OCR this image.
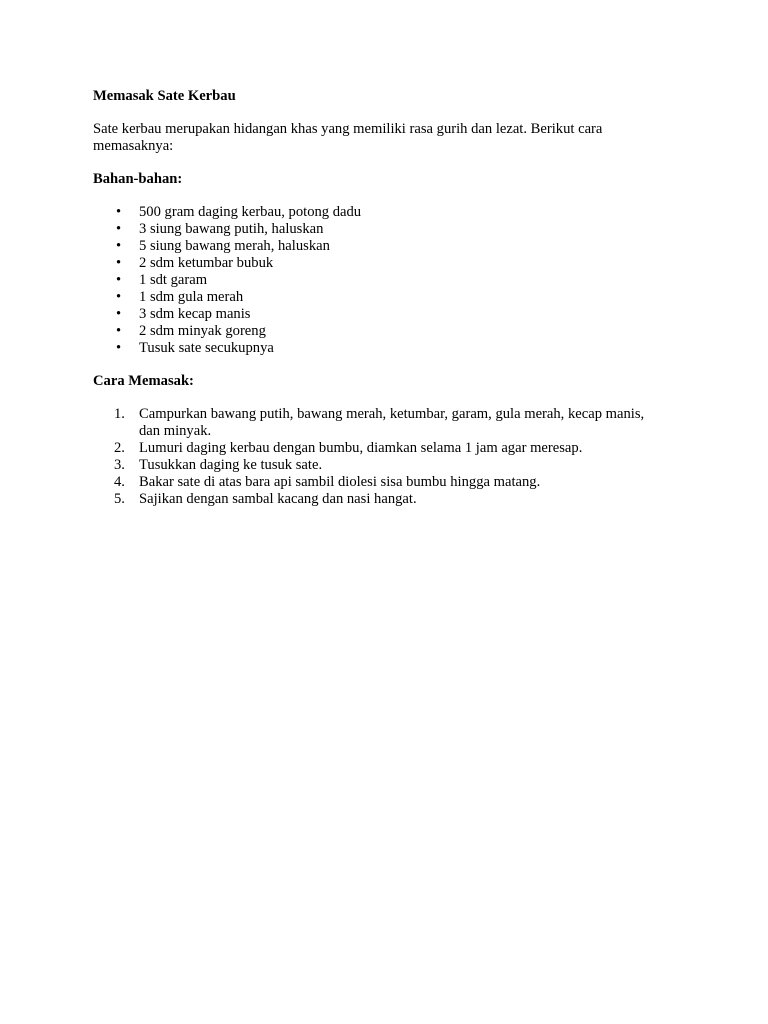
Memasak Sate Kerbau

Sate kerbau merupakan hidangan khas yang memiliki rasa gurih dan lezat. Berikut cara memasaknya:

Bahan-bahan:

• 500 gram daging kerbau, potong dadu
• 3 siung bawang putih, haluskan
• 5 siung bawang merah, haluskan
• 2 sdm ketumbar bubuk
• 1 sdt garam
• 1 sdm gula merah
• 3 sdm kecap manis
• 2 sdm minyak goreng
• Tusuk sate secukupnya

Cara Memasak:

1. Campurkan bawang putih, bawang merah, ketumbar, garam, gula merah, kecap manis, dan minyak.
2. Lumuri daging kerbau dengan bumbu, diamkan selama 1 jam agar meresap.
3. Tusukkan daging ke tusuk sate.
4. Bakar sate di atas bara api sambil diolesi sisa bumbu hingga matang.
5. Sajikan dengan sambal kacang dan nasi hangat.
